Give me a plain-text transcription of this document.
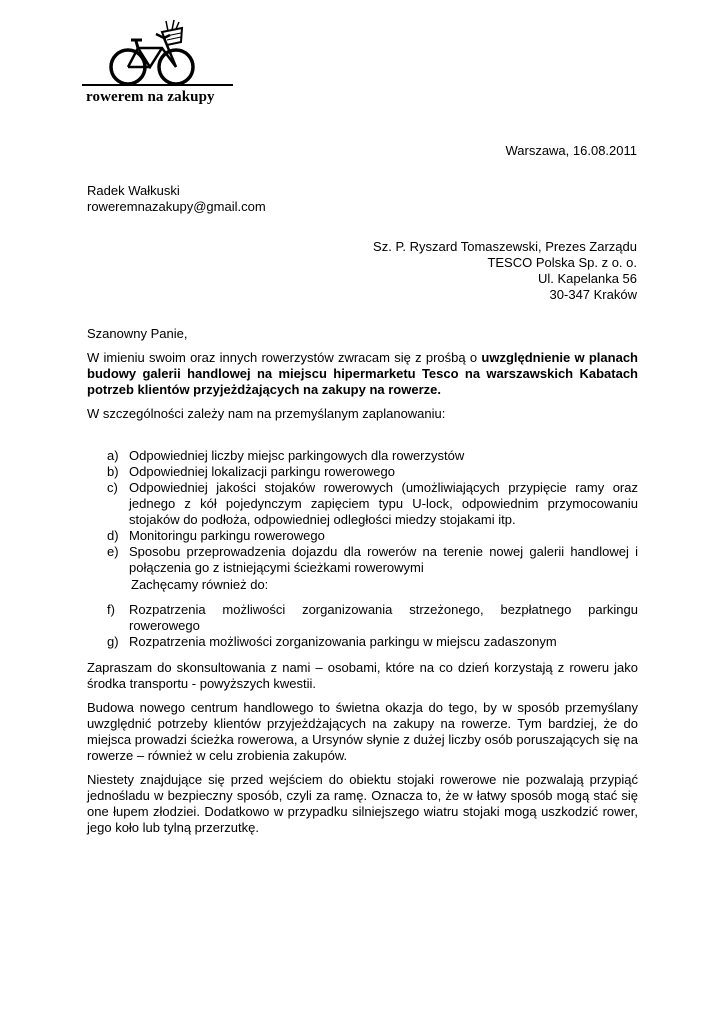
rowerem na zakupy
Warszawa, 16.08.2011
Radek Wałkuski
roweremnazakupy@gmail.com
Sz. P. Ryszard Tomaszewski, Prezes Zarządu
TESCO Polska Sp. z o. o.
Ul. Kapelanka 56
30-347 Kraków
Szanowny Panie,
W imieniu swoim oraz innych rowerzystów zwracam się z prośbą o uwzględnienie w planach budowy galerii handlowej na miejscu hipermarketu Tesco na warszawskich Kabatach potrzeb klientów przyjeżdżających na zakupy na rowerze.
W szczególności zależy nam na przemyślanym zaplanowaniu:
a) Odpowiedniej liczby miejsc parkingowych dla rowerzystów
b) Odpowiedniej lokalizacji parkingu rowerowego
c) Odpowiedniej jakości stojaków rowerowych (umożliwiających przypięcie ramy oraz jednego z kół pojedynczym zapięciem typu U-lock, odpowiednim przymocowaniu stojaków do podłoża, odpowiedniej odległości miedzy stojakami itp.
d) Monitoringu parkingu rowerowego
e) Sposobu przeprowadzenia dojazdu dla rowerów na terenie nowej galerii handlowej i połączenia go z istniejącymi ścieżkami rowerowymi
Zachęcamy również do:
f) Rozpatrzenia możliwości zorganizowania strzeżonego, bezpłatnego parkingu rowerowego
g) Rozpatrzenia możliwości zorganizowania parkingu w miejscu zadaszonym
Zapraszam do skonsultowania z nami – osobami, które na co dzień korzystają z roweru jako środka transportu - powyższych kwestii.
Budowa nowego centrum handlowego to świetna okazja do tego, by w sposób przemyślany uwzględnić potrzeby klientów przyjeżdżających na zakupy na rowerze. Tym bardziej, że do miejsca prowadzi ścieżka rowerowa, a Ursynów słynie z dużej liczby osób poruszających się na rowerze – również w celu zrobienia zakupów.
Niestety znajdujące się przed wejściem do obiektu stojaki rowerowe nie pozwalają przypiąć jednośladu w bezpieczny sposób, czyli za ramę. Oznacza to, że w łatwy sposób mogą stać się one łupem złodziei. Dodatkowo w przypadku silniejszego wiatru stojaki mogą uszkodzić rower, jego koło lub tylną przerzutkę.
